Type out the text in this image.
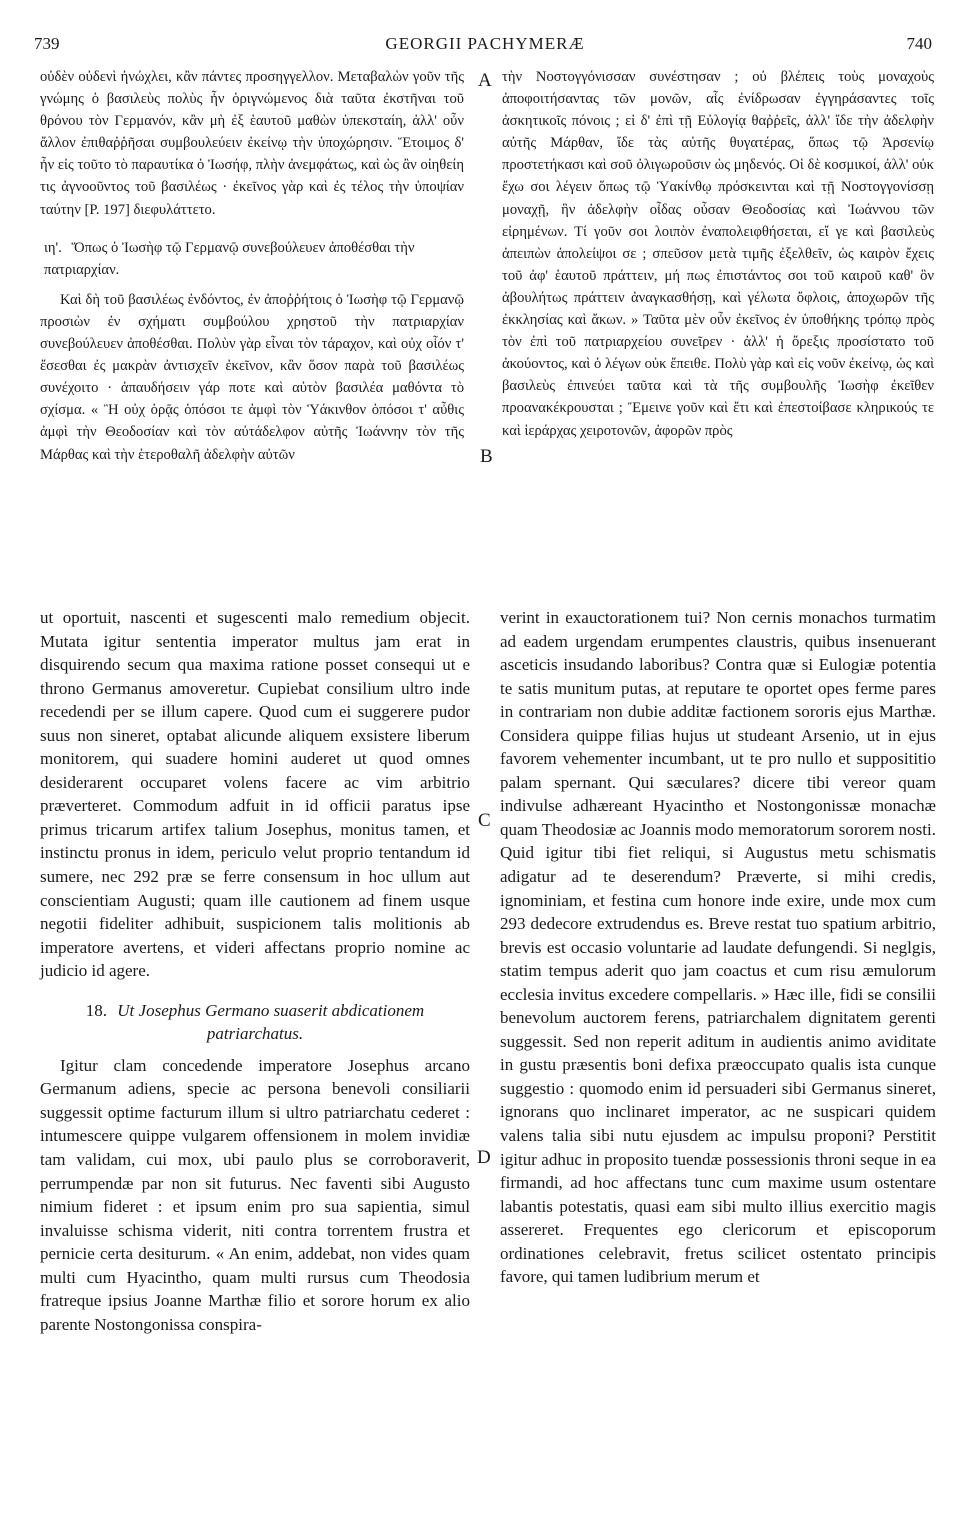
739	GEORGII PACHYMERÆ	740
A
B
C
D

οὐδὲν οὐδενὶ ἠνώχλει, κἂν πάντες προσηγγελλον. Μεταβαλὼν γοῦν τῆς γνώμης ὁ βασιλεὺς πολὺς ἦν ὁριγνώμενος διὰ ταῦτα ἐκστῆναι τοῦ θρόνου τὸν Γερμανόν, κἂν μὴ ἐξ ἑαυτοῦ μαθὼν ὑπεκσταίη, ἀλλ' οὖν ἄλλον ἐπιθαῤῥῆσαι συμβουλεύειν ἐκείνῳ τὴν ὑποχώρησιν. Ἕτοιμος δ' ἦν εἰς τοῦτο τὸ παραυτίκα ὁ Ἰωσήφ, πλὴν ἀνεμφάτως, καὶ ὡς ἂν οἰηθείη τις ἀγνοοῦντος τοῦ βασιλέως · ἐκεῖνος γὰρ καὶ ἐς τέλος τὴν ὑποψίαν ταύτην [P. 197] διεφυλάττετο.

ιη'. Ὅπως ὁ Ἰωσὴφ τῷ Γερμανῷ συνεβούλευεν ἀποθέσθαι τὴν πατριαρχίαν.

Καὶ δὴ τοῦ βασιλέως ἐνδόντος, ἐν ἀποῤῥήτοις ὁ Ἰωσὴφ τῷ Γερμανῷ προσιὼν ἐν σχήματι συμβούλου χρηστοῦ τὴν πατριαρχίαν συνεβούλευεν ἀποθέσθαι. Πολὺν γὰρ εἶναι τὸν τάραχον, καὶ οὐχ οἷόν τ' ἔσεσθαι ἐς μακρὰν ἀντισχεῖν ἐκεῖνον, κἂν ὅσον παρὰ τοῦ βασιλέως συνέχοιτο · ἀπαυδήσειν γάρ ποτε καὶ αὐτὸν βασιλέα μαθόντα τὸ σχίσμα. « Ἢ οὐχ ὁρᾷς ὁπόσοι τε ἀμφὶ τὸν Ὑάκινθον ὁπόσοι τ' αὖθις ἀμφὶ τὴν Θεοδοσίαν καὶ τὸν αὐτάδελφον αὐτῆς Ἰωάννην τὸν τῆς Μάρθας καὶ τὴν ἑτεροθαλῆ ἀδελφὴν αὐτῶν

τὴν Νοστογγόνισσαν συνέστησαν ; οὐ βλέπεις τοὺς μοναχοὺς ἀποφοιτήσαντας τῶν μονῶν, αἷς ἐνίδρωσαν ἐγγηράσαντες τοῖς ἀσκητικοῖς πόνοις ; εἰ δ' ἐπὶ τῇ Εὐλογίᾳ θαῤῥεῖς, ἀλλ' ἴδε τὴν ἀδελφὴν αὐτῆς Μάρθαν, ἴδε τὰς αὐτῆς θυγατέρας, ὅπως τῷ Ἀρσενίῳ προστετήκασι καὶ σοῦ ὀλιγωροῦσιν ὡς μηδενός. Οἱ δὲ κοσμικοί, ἀλλ' οὐκ ἔχω σοι λέγειν ὅπως τῷ Ὑακίνθῳ πρόσκεινται καὶ τῇ Νοστογγονίσσῃ μοναχῇ, ἣν ἀδελφὴν οἶδας οὖσαν Θεοδοσίας καὶ Ἰωάννου τῶν εἰρημένων. Τί γοῦν σοι λοιπὸν ἐναπολειφθήσεται, εἴ γε καὶ βασιλεὺς ἀπειπὼν ἀπολείψοι σε ; σπεῦσον μετὰ τιμῆς ἐξελθεῖν, ὡς καιρὸν ἔχεις τοῦ ἀφ' ἑαυτοῦ πράττειν, μή πως ἐπιστάντος σοι τοῦ καιροῦ καθ' ὃν ἀβουλήτως πράττειν ἀναγκασθήσῃ, καὶ γέλωτα ὄφλοις, ἀποχωρῶν τῆς ἐκκλησίας καὶ ἄκων. » Ταῦτα μὲν οὖν ἐκεῖνος ἐν ὑποθήκης τρόπῳ πρὸς τὸν ἐπὶ τοῦ πατριαρχείου συνεῖρεν · ἀλλ' ἡ ὄρεξις προσίστατο τοῦ ἀκούοντος, καὶ ὁ λέγων οὐκ ἔπειθε. Πολὺ γὰρ καὶ εἰς νοῦν ἐκείνῳ, ὡς καὶ βασιλεὺς ἐπινεύει ταῦτα καὶ τὰ τῆς συμβουλῆς Ἰωσὴφ ἐκεῖθεν προανακέκρουσται ; Ἔμεινε γοῦν καὶ ἔτι καὶ ἐπεστοίβασε κληρικούς τε καὶ ἱεράρχας χειροτονῶν, ἀφορῶν πρὸς

ut oportuit, nascenti et sugescenti malo remedium objecit. Mutata igitur sententia imperator multus jam erat in disquirendo secum qua maxima ratione posset consequi ut e throno Germanus amoveretur. Cupiebat consilium ultro inde recedendi per se illum capere. Quod cum ei suggerere pudor suus non sineret, optabat alicunde aliquem exsistere liberum monitorem, qui suadere homini auderet ut quod omnes desiderarent occuparet volens facere ac vim arbitrio præverteret. Commodum adfuit in id officii paratus ipse primus tricarum artifex talium Josephus, monitus tamen, et instinctu pronus in idem, periculo velut proprio tentandum id sumere, nec 292 præ se ferre consensum in hoc ullum aut conscientiam Augusti; quam ille cautionem ad finem usque negotii fideliter adhibuit, suspicionem talis molitionis ab imperatore avertens, et videri affectans proprio nomine ac judicio id agere.

18. Ut Josephus Germano suaserit abdicationem patriarchatus.

Igitur clam concedende imperatore Josephus arcano Germanum adiens, specie ac persona benevoli consiliarii suggessit optime facturum illum si ultro patriarchatu cederet : intumescere quippe vulgarem offensionem in molem invidiæ tam validam, cui mox, ubi paulo plus se corroboraverit, perrumpendæ par non sit futurus. Nec faventi sibi Augusto nimium fideret : et ipsum enim pro sua sapientia, simul invaluisse schisma viderit, niti contra torrentem frustra et pernicie certa desiturum. « An enim, addebat, non vides quam multi cum Hyacintho, quam multi rursus cum Theodosia fratreque ipsius Joanne Marthæ filio et sorore horum ex alio parente Nostongonissa conspira-

verint in exauctorationem tui? Non cernis monachos turmatim ad eadem urgendam erumpentes claustris, quibus insenuerant asceticis insudando laboribus? Contra quæ si Eulogiæ potentia te satis munitum putas, at reputare te oportet opes ferme pares in contrariam non dubie additæ factionem sororis ejus Marthæ. Considera quippe filias hujus ut studeant Arsenio, ut in ejus favorem vehementer incumbant, ut te pro nullo et supposititio palam spernant. Qui sæculares? dicere tibi vereor quam indivulse adhæreant Hyacintho et Nostongonissæ monachæ quam Theodosiæ ac Joannis modo memoratorum sororem nosti. Quid igitur tibi fiet reliqui, si Augustus metu schismatis adigatur ad te deserendum? Præverte, si mihi credis, ignominiam, et festina cum honore inde exire, unde mox cum 293 dedecore extrudendus es. Breve restat tuo spatium arbitrio, brevis est occasio voluntarie ad laudate defungendi. Si neglgis, statim tempus aderit quo jam coactus et cum risu æmulorum ecclesia invitus excedere compellaris. » Hæc ille, fidi se consilii benevolum auctorem ferens, patriarchalem dignitatem gerenti suggessit. Sed non reperit aditum in audientis animo aviditate in gustu præsentis boni defixa præoccupato qualis ista cunque suggestio : quomodo enim id persuaderi sibi Germanus sineret, ignorans quo inclinaret imperator, ac ne suspicari quidem valens talia sibi nutu ejusdem ac impulsu proponi? Perstitit igitur adhuc in proposito tuendæ possessionis throni seque in ea firmandi, ad hoc affectans tunc cum maxime usum ostentare labantis potestatis, quasi eam sibi multo illius exercitio magis assereret. Frequentes ego clericorum et episcoporum ordinationes celebravit, fretus scilicet ostentato principis favore, qui tamen ludibrium merum et
